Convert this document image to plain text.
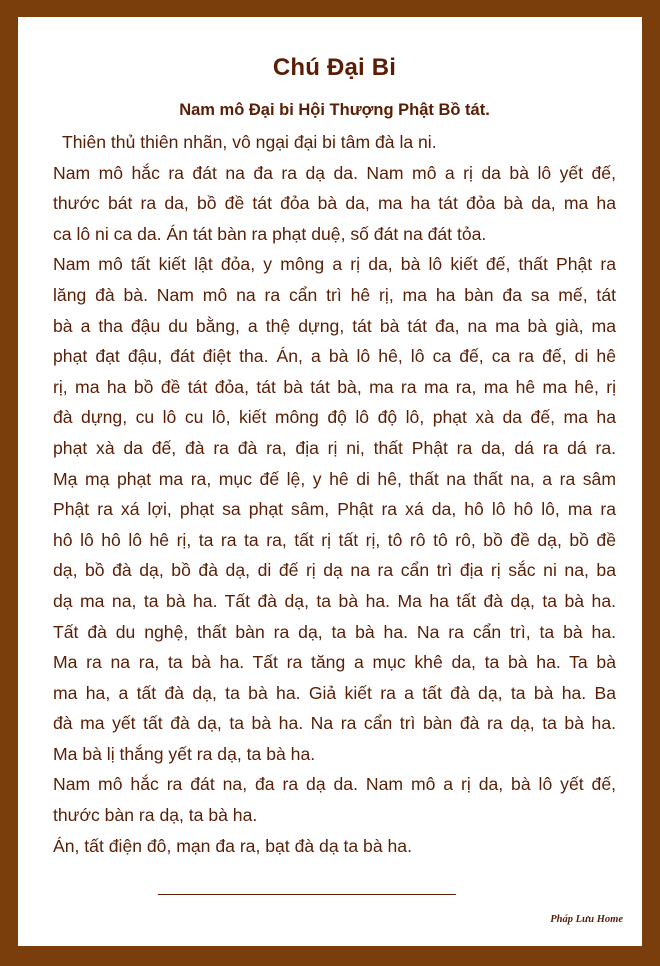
Chú Đại Bi
Nam mô Đại bi Hội Thượng Phật Bồ tát.
Thiên thủ thiên nhãn, vô ngại đại bi tâm đà la ni.
Nam mô hắc ra đát na đa ra dạ da. Nam mô a rị da bà lô yết đế,
thước bát ra da, bồ đề tát đỏa bà da, ma ha tát đỏa bà da, ma ha
ca lô ni ca da. Án tát bàn ra phạt duệ, số đát na đát tỏa.
Nam mô tất kiết lật đỏa, y mông a rị da, bà lô kiết đế, thất Phật ra
lăng đà bà. Nam mô na ra cẩn trì hê rị, ma ha bàn đa sa mế, tát
bà a tha đậu du bằng, a thệ dựng, tát bà tát đa, na ma bà già, ma
phạt đạt đậu, đát điệt tha. Án, a bà lô hê, lô ca đế, ca ra đế, di hê
rị, ma ha bồ đề tát đỏa, tát bà tát bà, ma ra ma ra, ma hê ma hê, rị
đà dựng, cu lô cu lô, kiết mông độ lô độ lô, phạt xà da đế, ma ha
phạt xà da đế, đà ra đà ra, địa rị ni, thất Phật ra da, dá ra dá ra.
Mạ mạ phạt ma ra, mục đế lệ, y hê di hê, thất na thất na, a ra sâm
Phật ra xá lợi, phạt sa phạt sâm, Phật ra xá da, hô lô hô lô, ma ra
hô lô hô lô hê rị, ta ra ta ra, tất rị tất rị, tô rô tô rô, bồ đề dạ, bồ đề
dạ, bồ đà dạ, bồ đà dạ, di đế rị dạ na ra cẩn trì địa rị sắc ni na, ba
dạ ma na, ta bà ha. Tất đà dạ, ta bà ha. Ma ha tất đà dạ, ta bà ha.
Tất đà du nghệ, thất bàn ra dạ, ta bà ha. Na ra cẩn trì, ta bà ha.
Ma ra na ra, ta bà ha. Tất ra tăng a mục khê da, ta bà ha. Ta bà
ma ha, a tất đà dạ, ta bà ha. Giả kiết ra a tất đà dạ, ta bà ha. Ba
đà ma yết tất đà dạ, ta bà ha. Na ra cẩn trì bàn đà ra dạ, ta bà ha.
Ma bà lị thắng yết ra dạ, ta bà ha.
Nam mô hắc ra đát na, đa ra dạ da. Nam mô a rị da, bà lô yết đế,
thước bàn ra dạ, ta bà ha.
Án, tất điện đô, mạn đa ra, bạt đà dạ ta bà ha.
Pháp Lưu Home
